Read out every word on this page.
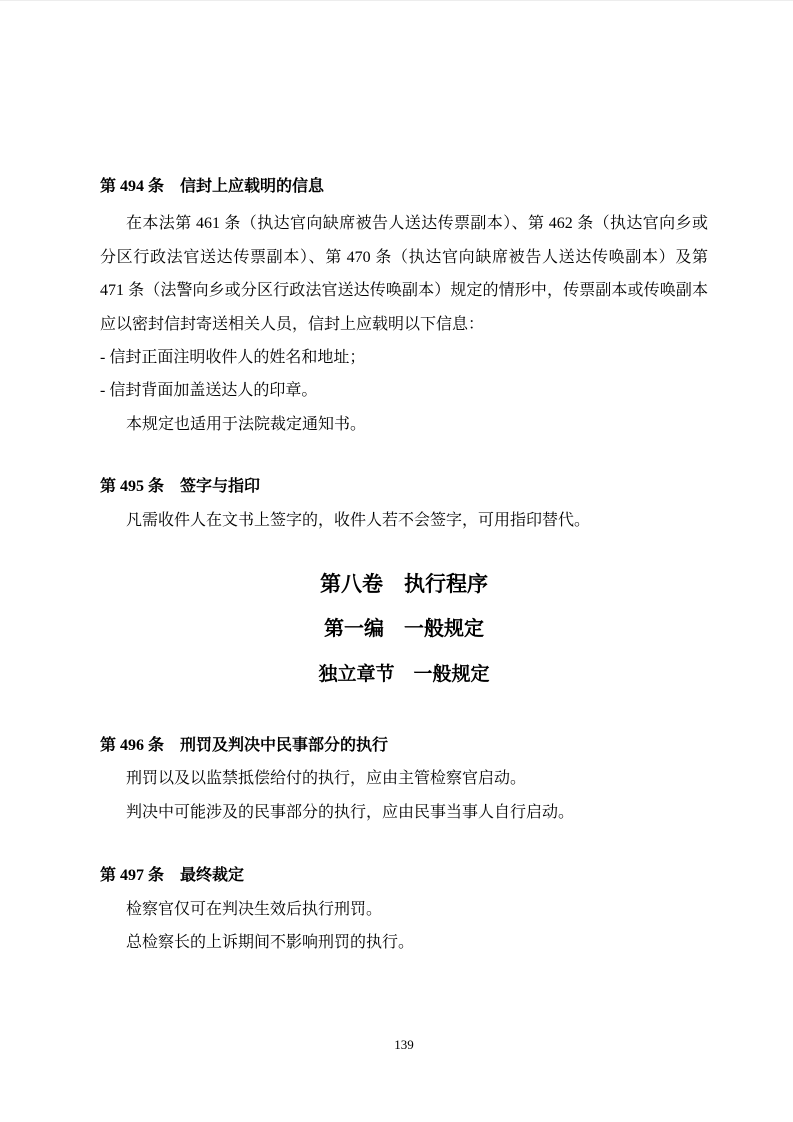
第 494 条　信封上应载明的信息

在本法第 461 条（执达官向缺席被告人送达传票副本）、第 462 条（执达官向乡或分区行政法官送达传票副本）、第 470 条（执达官向缺席被告人送达传唤副本）及第 471 条（法警向乡或分区行政法官送达传唤副本）规定的情形中，传票副本或传唤副本应以密封信封寄送相关人员，信封上应载明以下信息：

- 信封正面注明收件人的姓名和地址；

- 信封背面加盖送达人的印章。

本规定也适用于法院裁定通知书。

第 495 条　签字与指印

凡需收件人在文书上签字的，收件人若不会签字，可用指印替代。

第八卷　执行程序
第一编　一般规定
独立章节　一般规定
第 496 条　刑罚及判决中民事部分的执行

刑罚以及以监禁抵偿给付的执行，应由主管检察官启动。

判决中可能涉及的民事部分的执行，应由民事当事人自行启动。

第 497 条　最终裁定

检察官仅可在判决生效后执行刑罚。

总检察长的上诉期间不影响刑罚的执行。

139
